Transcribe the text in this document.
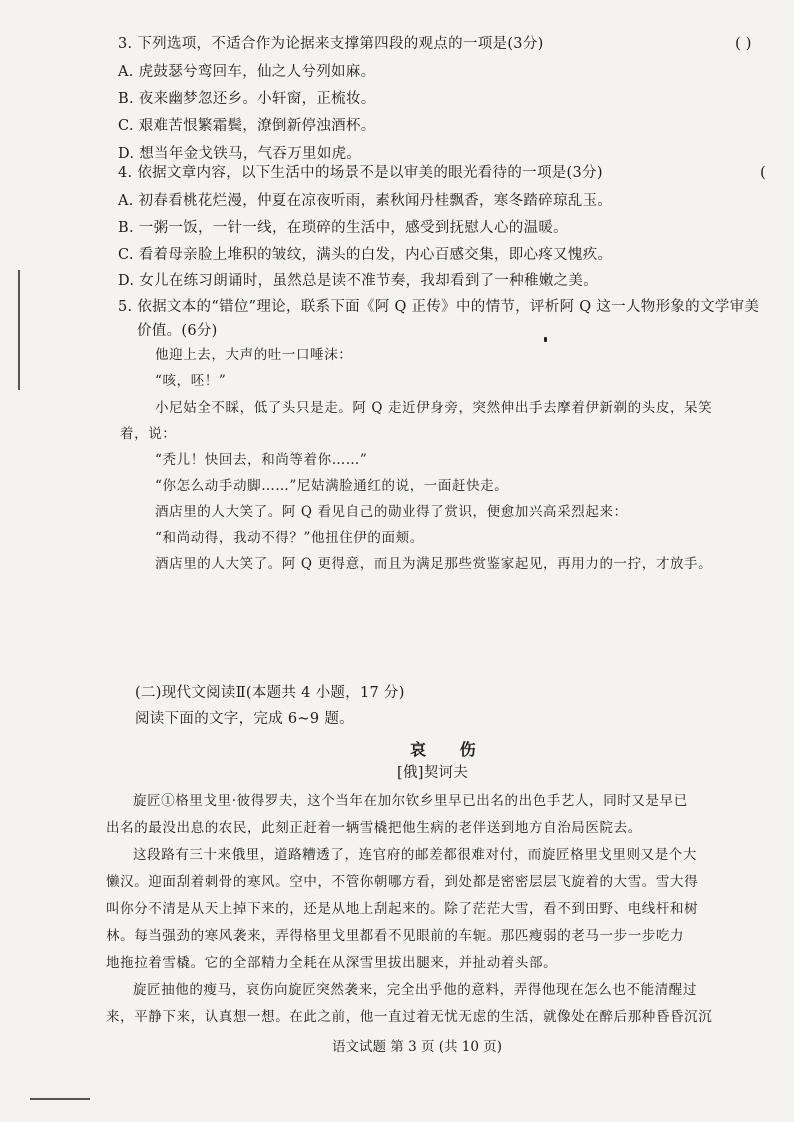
3. 下列选项，不适合作为论据来支撑第四段的观点的一项是(3分)	( )
A. 虎鼓瑟兮鸾回车，仙之人兮列如麻。
B. 夜来幽梦忽还乡。小轩窗，正梳妆。
C. 艰难苦恨繁霜鬓，潦倒新停浊酒杯。
D. 想当年金戈铁马，气吞万里如虎。
4. 依据文章内容，以下生活中的场景不是以审美的眼光看待的一项是(3分)	(
A. 初春看桃花烂漫，仲夏在凉夜听雨，素秋闻丹桂飘香，寒冬踏碎琼乱玉。
B. 一粥一饭，一针一线，在琐碎的生活中，感受到抚慰人心的温暖。
C. 看着母亲脸上堆积的皱纹，满头的白发，内心百感交集，即心疼又愧疚。
D. 女儿在练习朗诵时，虽然总是读不准节奏，我却看到了一种稚嫩之美。
5. 依据文本的“错位”理论，联系下面《阿 Q 正传》中的情节，评析阿 Q 这一人物形象的文学审美
价值。(6分)
他迎上去，大声的吐一口唾沫：
“咳，呸！”
小尼姑全不睬，低了头只是走。阿 Q 走近伊身旁，突然伸出手去摩着伊新剃的头皮，呆笑
着，说：
“秃儿！快回去，和尚等着你……”
“你怎么动手动脚……”尼姑满脸通红的说，一面赶快走。
酒店里的人大笑了。阿 Q 看见自己的勋业得了赏识，便愈加兴高采烈起来：
“和尚动得，我动不得？”他扭住伊的面颊。
酒店里的人大笑了。阿 Q 更得意，而且为满足那些赏鉴家起见，再用力的一拧，才放手。
(二)现代文阅读Ⅱ(本题共 4 小题，17 分)
阅读下面的文字，完成 6~9 题。
哀 伤
[俄]契诃夫
旋匠①格里戈里·彼得罗夫，这个当年在加尔钦乡里早已出名的出色手艺人，同时又是早已
出名的最没出息的农民，此刻正赶着一辆雪橇把他生病的老伴送到地方自治局医院去。
这段路有三十来俄里，道路糟透了，连官府的邮差都很难对付，而旋匠格里戈里则又是个大
懒汉。迎面刮着刺骨的寒风。空中，不管你朝哪方看，到处都是密密层层飞旋着的大雪。雪大得
叫你分不清是从天上掉下来的，还是从地上刮起来的。除了茫茫大雪，看不到田野、电线杆和树
林。每当强劲的寒风袭来，弄得格里戈里都看不见眼前的车轭。那匹瘦弱的老马一步一步吃力
地拖拉着雪橇。它的全部精力全耗在从深雪里拔出腿来，并扯动着头部。
旋匠抽他的瘦马，哀伤向旋匠突然袭来，完全出乎他的意料，弄得他现在怎么也不能清醒过
来，平静下来，认真想一想。在此之前，他一直过着无忧无虑的生活，就像处在醉后那种昏昏沉沉
语文试题 第 3 页 (共 10 页)
